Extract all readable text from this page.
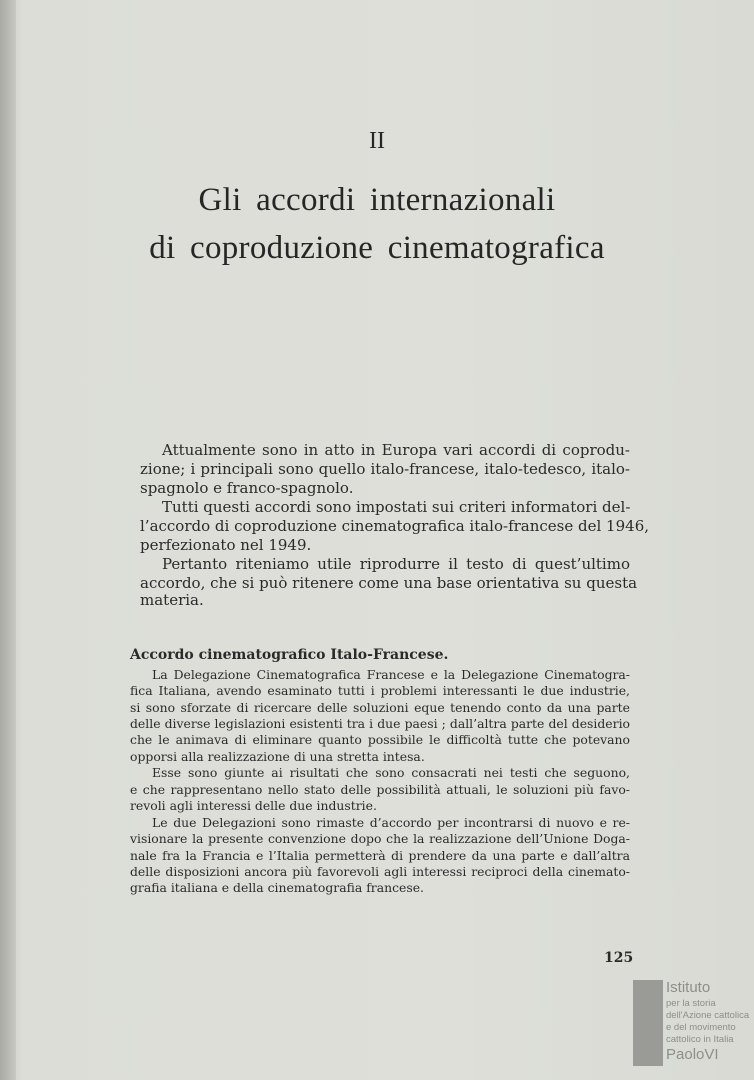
II
Gli accordi internazionali
di coproduzione cinematografica
Attualmente sono in atto in Europa vari accordi di coprodu-
zione; i principali sono quello italo-francese, italo-tedesco, italo-
spagnolo e franco-spagnolo.
Tutti questi accordi sono impostati sui criteri informatori del-
l’accordo di coproduzione cinematografica italo-francese del 1946,
perfezionato nel 1949.
Pertanto riteniamo utile riprodurre il testo di quest’ultimo
accordo, che si può ritenere come una base orientativa su questa
materia.
Accordo cinematografico Italo-Francese.
La Delegazione Cinematografica Francese e la Delegazione Cinematogra-
fica Italiana, avendo esaminato tutti i problemi interessanti le due industrie,
si sono sforzate di ricercare delle soluzioni eque tenendo conto da una parte
delle diverse legislazioni esistenti tra i due paesi ; dall’altra parte del desiderio
che le animava di eliminare quanto possibile le difficoltà tutte che potevano
opporsi alla realizzazione di una stretta intesa.
Esse sono giunte ai risultati che sono consacrati nei testi che seguono,
e che rappresentano nello stato delle possibilità attuali, le soluzioni più favo-
revoli agli interessi delle due industrie.
Le due Delegazioni sono rimaste d’accordo per incontrarsi di nuovo e re-
visionare la presente convenzione dopo che la realizzazione dell’Unione Doga-
nale fra la Francia e l’Italia permetterà di prendere da una parte e dall’altra
delle disposizioni ancora più favorevoli agli interessi reciproci della cinemato-
grafia italiana e della cinematografia francese.
125
Istituto
per la storia
dell'Azione cattolica
e del movimento
cattolico in Italia
PaoloVI
